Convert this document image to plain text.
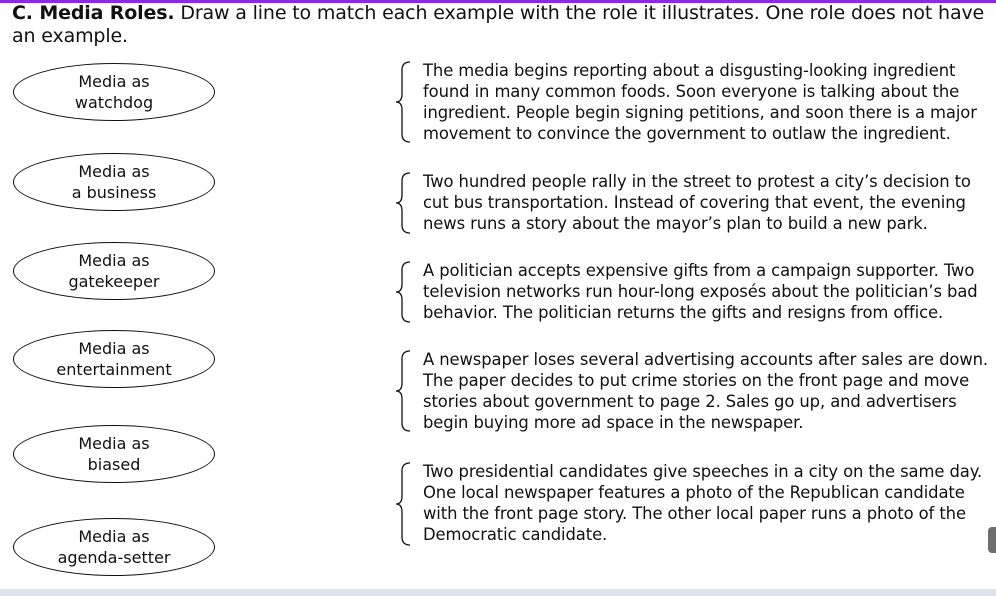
C. Media Roles. Draw a line to match each example with the role it illustrates. One role does not have an example.
Media as
watchdog
Media as
a business
Media as
gatekeeper
Media as
entertainment
Media as
biased
Media as
agenda-setter
The media begins reporting about a disgusting-looking ingredient found in many common foods. Soon everyone is talking about the ingredient. People begin signing petitions, and soon there is a major movement to convince the government to outlaw the ingredient.
Two hundred people rally in the street to protest a city’s decision to cut bus transportation. Instead of covering that event, the evening news runs a story about the mayor’s plan to build a new park.
A politician accepts expensive gifts from a campaign supporter. Two television networks run hour-long exposés about the politician’s bad behavior. The politician returns the gifts and resigns from office.
A newspaper loses several advertising accounts after sales are down. The paper decides to put crime stories on the front page and move stories about government to page 2. Sales go up, and advertisers begin buying more ad space in the newspaper.
Two presidential candidates give speeches in a city on the same day. One local newspaper features a photo of the Republican candidate with the front page story. The other local paper runs a photo of the Democratic candidate.
